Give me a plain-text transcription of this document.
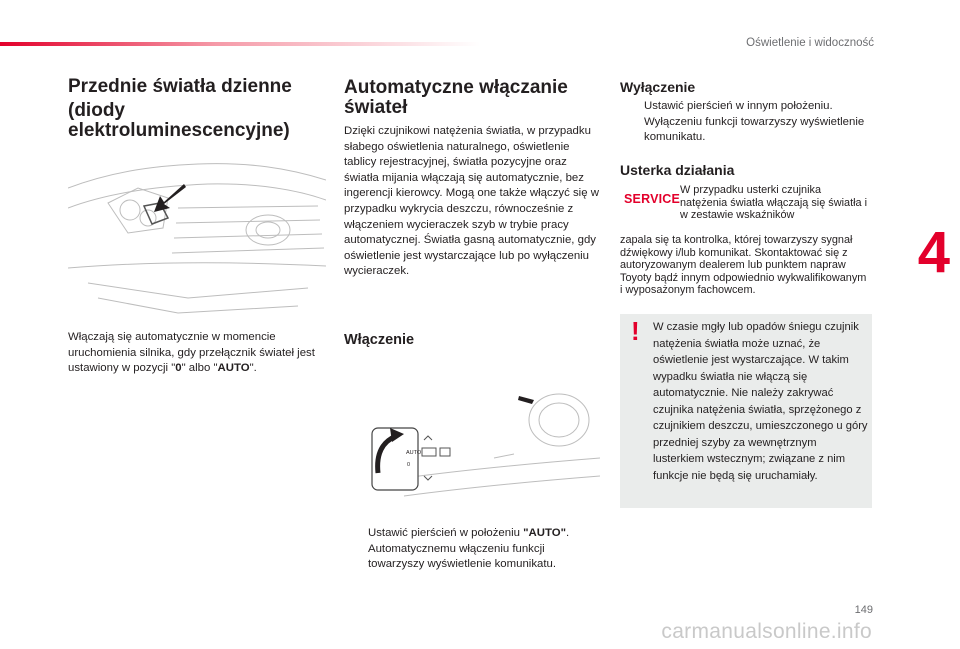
Oświetlenie i widoczność
4
Przednie światła dzienne
(diody elektroluminescencyjne)
Włączają się automatycznie w momencie uruchomienia silnika, gdy przełącznik świateł jest ustawiony w pozycji "0" albo "AUTO".
Automatyczne włączanie świateł
Dzięki czujnikowi natężenia światła, w przypadku słabego oświetlenia naturalnego, oświetlenie tablicy rejestracyjnej, światła pozycyjne oraz światła mijania włączają się automatycznie, bez ingerencji kierowcy. Mogą one także włączyć się w przypadku wykrycia deszczu, równocześnie z włączeniem wycieraczek szyb w trybie pracy automatycznej. Światła gasną automatycznie, gdy oświetlenie jest wystarczające lub po wyłączeniu wycieraczek.
Włączenie
AUTO
0
Ustawić pierścień w położeniu "AUTO". Automatycznemu włączeniu funkcji towarzyszy wyświetlenie komunikatu.
Wyłączenie
Ustawić pierścień w innym położeniu. Wyłączeniu funkcji towarzyszy wyświetlenie komunikatu.
Usterka działania
SERVICE
W przypadku usterki czujnika natężenia światła włączają się światła i w zestawie wskaźników
zapala się ta kontrolka, której towarzyszy sygnał dźwiękowy i/lub komunikat. Skontaktować się z autoryzowanym dealerem lub punktem napraw Toyoty bądź innym odpowiednio wykwalifikowanym i wyposażonym fachowcem.
! W czasie mgły lub opadów śniegu czujnik natężenia światła może uznać, że oświetlenie jest wystarczające. W takim wypadku światła nie włączą się automatycznie. Nie należy zakrywać czujnika natężenia światła, sprzężonego z czujnikiem deszczu, umieszczonego u góry przedniej szyby za wewnętrznym lusterkiem wstecznym; związane z nim funkcje nie będą się uruchamiały.
149
carmanualsonline.info
